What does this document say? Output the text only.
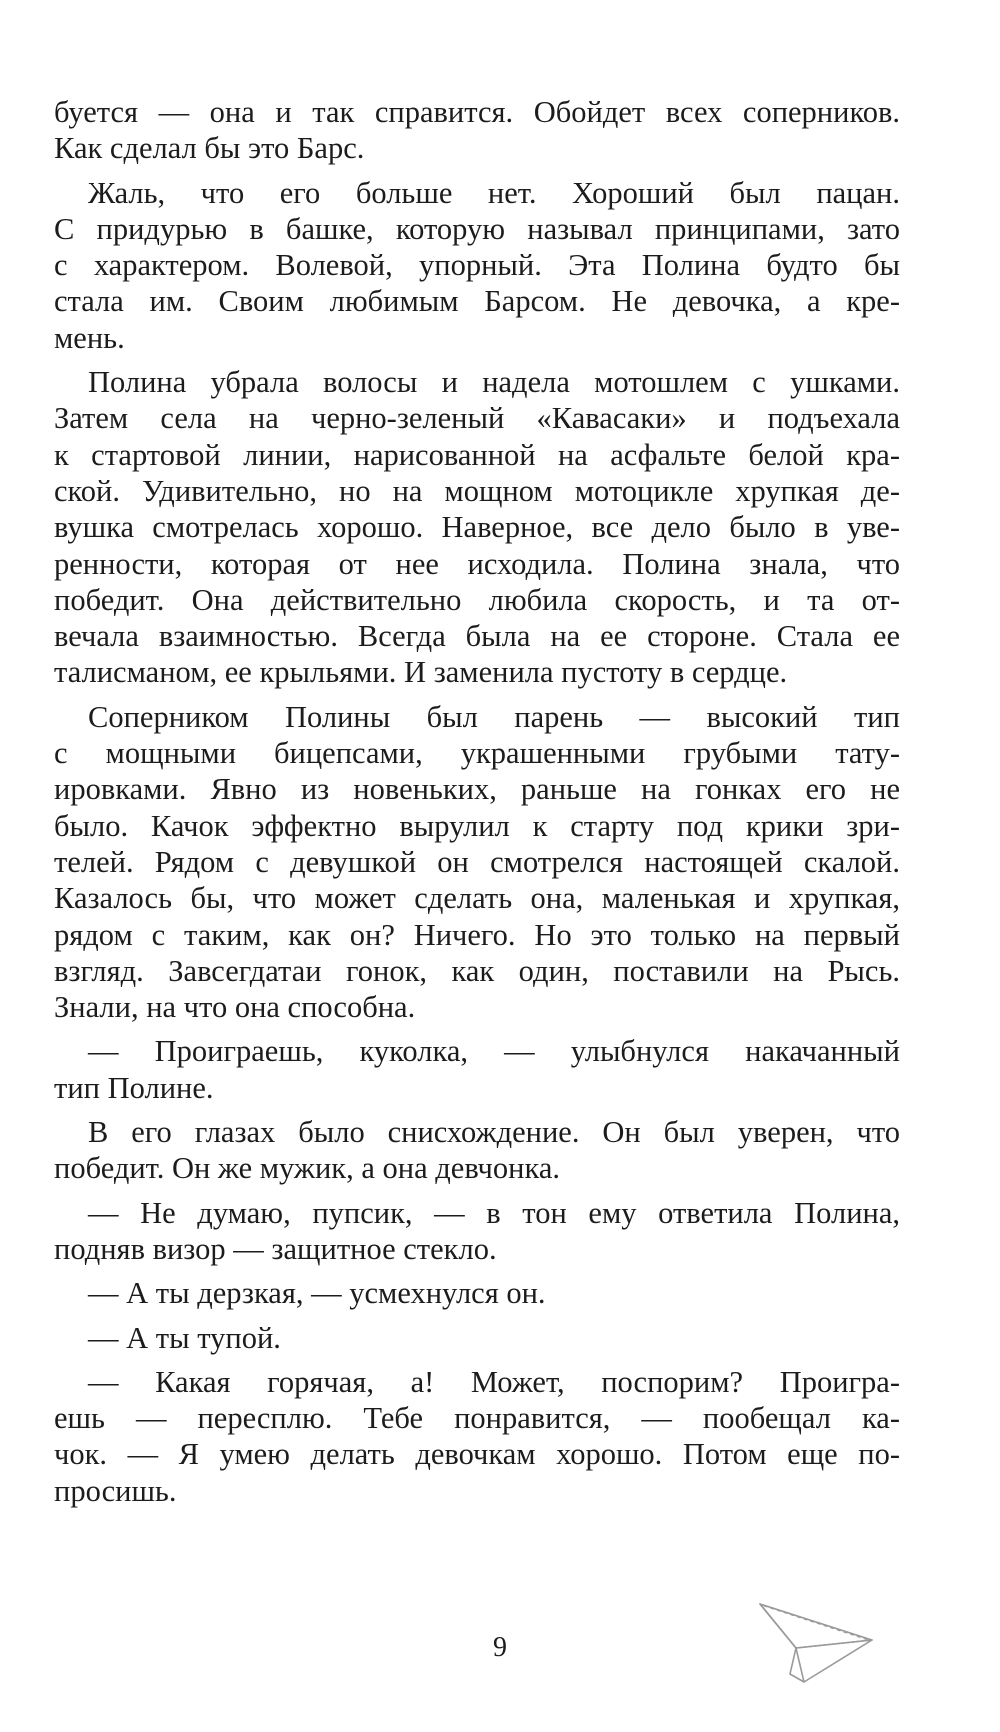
буется — она и так справится. Обойдет всех соперников.
Как сделал бы это Барс.
Жаль, что его больше нет. Хороший был пацан.
С придурью в башке, которую называл принципами, зато
с характером. Волевой, упорный. Эта Полина будто бы
стала им. Своим любимым Барсом. Не девочка, а кре-
мень.
Полина убрала волосы и надела мотошлем с ушками.
Затем села на черно-зеленый «Кавасаки» и подъехала
к стартовой линии, нарисованной на асфальте белой кра-
ской. Удивительно, но на мощном мотоцикле хрупкая де-
вушка смотрелась хорошо. Наверное, все дело было в уве-
ренности, которая от нее исходила. Полина знала, что
победит. Она действительно любила скорость, и та от-
вечала взаимностью. Всегда была на ее стороне. Стала ее
талисманом, ее крыльями. И заменила пустоту в сердце.
Соперником Полины был парень — высокий тип
с мощными бицепсами, украшенными грубыми тату-
ировками. Явно из новеньких, раньше на гонках его не
было. Качок эффектно вырулил к старту под крики зри-
телей. Рядом с девушкой он смотрелся настоящей скалой.
Казалось бы, что может сделать она, маленькая и хрупкая,
рядом с таким, как он? Ничего. Но это только на первый
взгляд. Завсегдатаи гонок, как один, поставили на Рысь.
Знали, на что она способна.
— Проиграешь, куколка, — улыбнулся накачанный
тип Полине.
В его глазах было снисхождение. Он был уверен, что
победит. Он же мужик, а она девчонка.
— Не думаю, пупсик, — в тон ему ответила Полина,
подняв визор — защитное стекло.
— А ты дерзкая, — усмехнулся он.
— А ты тупой.
— Какая горячая, а! Может, поспорим? Проигра-
ешь — пересплю. Тебе понравится, — пообещал ка-
чок. — Я умею делать девочкам хорошо. Потом еще по-
просишь.
9
